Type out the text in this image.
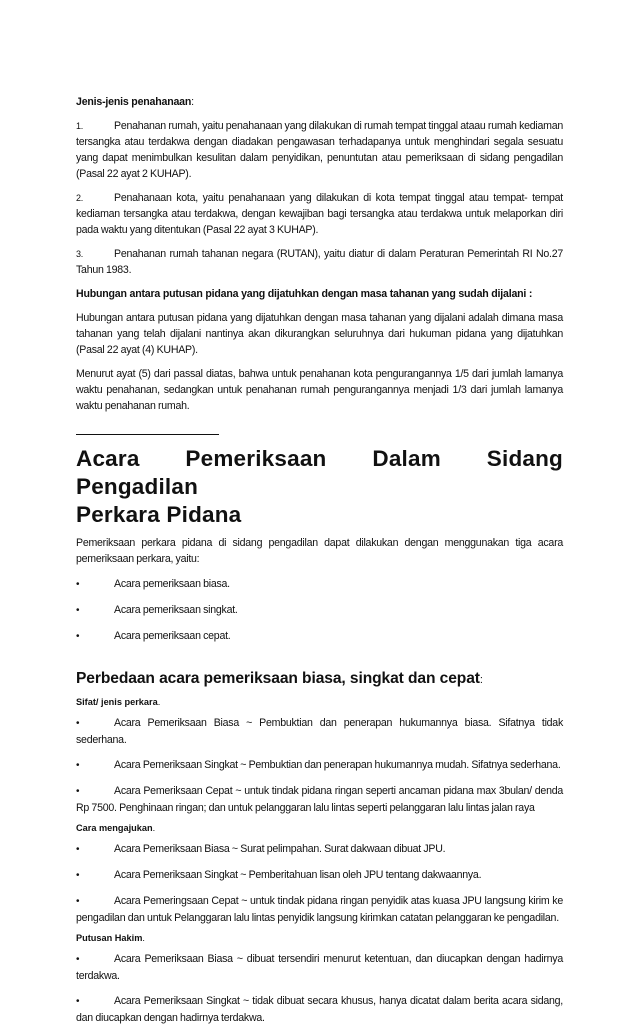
Jenis-jenis penahanaan:

1.	Penahanan rumah, yaitu penahanaan yang dilakukan di rumah tempat tinggal ataau rumah kediaman tersangka atau terdakwa dengan diadakan pengawasan terhadapanya untuk menghindari segala sesuatu yang dapat menimbulkan kesulitan dalam penyidikan, penuntutan atau pemeriksaan di sidang pengadilan (Pasal 22 ayat 2 KUHAP).

2.	Penahanaan kota, yaitu penahanaan yang dilakukan di kota tempat tinggal atau tempat- tempat kediaman tersangka atau terdakwa, dengan kewajiban bagi tersangka atau terdakwa untuk melaporkan diri pada waktu yang ditentukan (Pasal 22 ayat 3 KUHAP).

3.	Penahanan rumah tahanan negara (RUTAN), yaitu diatur di dalam Peraturan Pemerintah RI No.27 Tahun 1983.

Hubungan antara putusan pidana yang dijatuhkan dengan masa tahanan yang sudah dijalani :

Hubungan antara putusan pidana yang dijatuhkan dengan masa tahanan yang dijalani adalah dimana masa tahanan yang telah dijalani nantinya akan dikurangkan seluruhnya dari hukuman pidana yang dijatuhkan (Pasal 22 ayat (4) KUHAP).

Menurut ayat (5) dari passal diatas, bahwa untuk penahanan kota pengurangannya 1/5 dari jumlah lamanya waktu penahanan, sedangkan untuk penahanan rumah pengurangannya menjadi 1/3 dari jumlah lamanya waktu penahanan rumah.

Acara Pemeriksaan Dalam Sidang Pengadilan
Perkara Pidana

Pemeriksaan perkara pidana di sidang pengadilan dapat dilakukan dengan menggunakan tiga acara pemeriksaan perkara, yaitu:

•	Acara pemeriksaan biasa.

•	Acara pemeriksaan singkat.

•	Acara pemeriksaan cepat.

Perbedaan acara pemeriksaan biasa, singkat dan cepat:

Sifat/ jenis perkara.

•	Acara Pemeriksaan Biasa ~ Pembuktian dan penerapan hukumannya biasa. Sifatnya tidak sederhana.

•	Acara Pemeriksaan Singkat ~ Pembuktian dan penerapan hukumannya mudah. Sifatnya sederhana.

•	Acara Pemeriksaan Cepat ~ untuk tindak pidana ringan seperti ancaman pidana max 3bulan/ denda Rp 7500. Penghinaan ringan; dan untuk pelanggaran lalu lintas seperti pelanggaran lalu lintas jalan raya

Cara mengajukan.

•	Acara Pemeriksaan Biasa ~ Surat pelimpahan. Surat dakwaan dibuat JPU.

•	Acara Pemeriksaan Singkat ~ Pemberitahuan lisan oleh JPU tentang dakwaannya.

•	Acara Pemeringsaan Cepat ~ untuk tindak pidana ringan penyidik atas kuasa JPU langsung kirim ke pengadilan dan untuk Pelanggaran lalu lintas penyidik langsung kirimkan catatan pelanggaran ke pengadilan.

Putusan Hakim.

•	Acara Pemeriksaan Biasa ~ dibuat tersendiri menurut ketentuan, dan diucapkan dengan hadirnya terdakwa.

•	Acara Pemeriksaan Singkat ~ tidak dibuat secara khusus, hanya dicatat dalam berita acara sidang, dan diucapkan dengan hadirnya terdakwa.
